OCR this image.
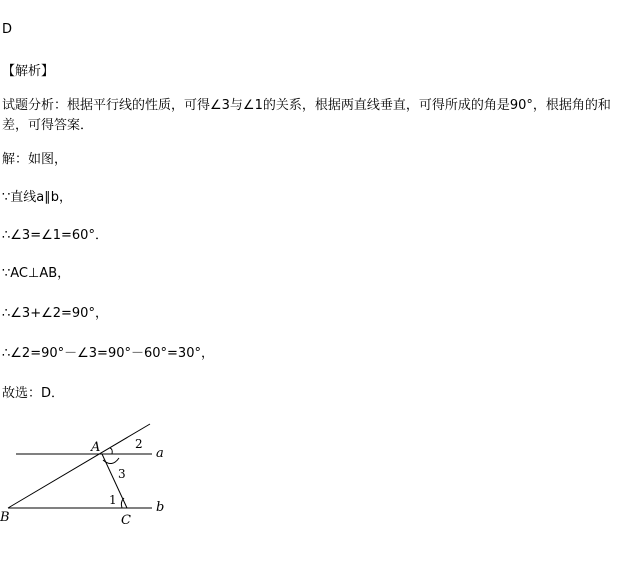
D
【解析】
试题分析：根据平行线的性质，可得∠3与∠1的关系，根据两直线垂直，可得所成的角是90°，根据角的和差，可得答案．
解：如图，
∵直线a∥b，
∴∠3=∠1=60°．
∵AC⊥AB，
∴∠3+∠2=90°，
∴∠2=90°－∠3=90°－60°=30°，
故选：D．
A
B	C
a
b
1
2
3
